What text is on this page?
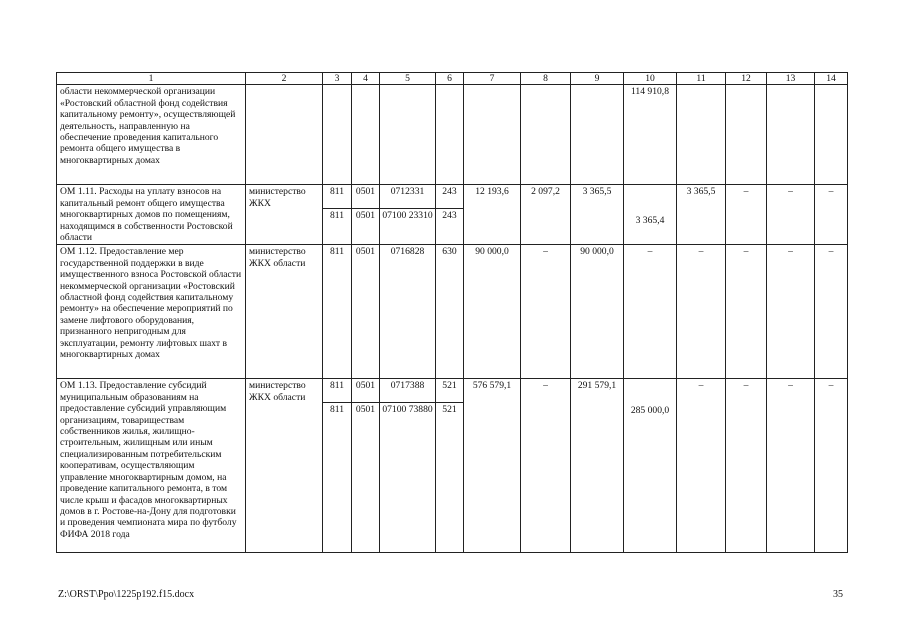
1	2	3	4	5	6	7	8	9	10	11	12	13	14
области некоммерческой организации «Ростовский областной фонд содействия капитальному ремонту», осуществляющей деятельность, направленную на обеспечение проведения капитального ремонта общего имущества в многоквартирных домах									114 910,8				
ОМ 1.11. Расходы на уплату взносов на капитальный ремонт общего имущества многоквартирных домов по помещениям, находящимся в собственности Ростовской области	министерство ЖКХ	811	0501	0712331	243	12 193,6	2 097,2	3 365,5	3 365,4	3 365,5	–	–	–
		811	0501	07100 23310	243								
ОМ 1.12. Предоставление мер государственной поддержки в виде имущественного взноса Ростовской области некоммерческой организации «Ростовский областной фонд содействия капитальному ремонту» на обеспечение мероприятий по замене лифтового оборудования, признанного непригодным для эксплуатации, ремонту лифтовых шахт в многоквартирных домах	министерство ЖКХ области	811	0501	0716828	630	90 000,0	–	90 000,0	–	–	–	–	–
ОМ 1.13. Предоставление субсидий муниципальным образованиям на предоставление субсидий управляющим организациям, товариществам собственников жилья, жилищно-строительным, жилищным или иным специализированным потребительским кооперативам, осуществляющим управление многоквартирным домом, на проведение капитального ремонта, в том числе крыш и фасадов многоквартирных домов в г. Ростове-на-Дону для подготовки и проведения чемпионата мира по футболу ФИФА 2018 года	министерство ЖКХ области	811	0501	0717388	521	576 579,1	–	291 579,1	285 000,0	–	–	–	–
		811	0501	07100 73880	521								
Z:\ORST\Ppo\1225p192.f15.docx	35
